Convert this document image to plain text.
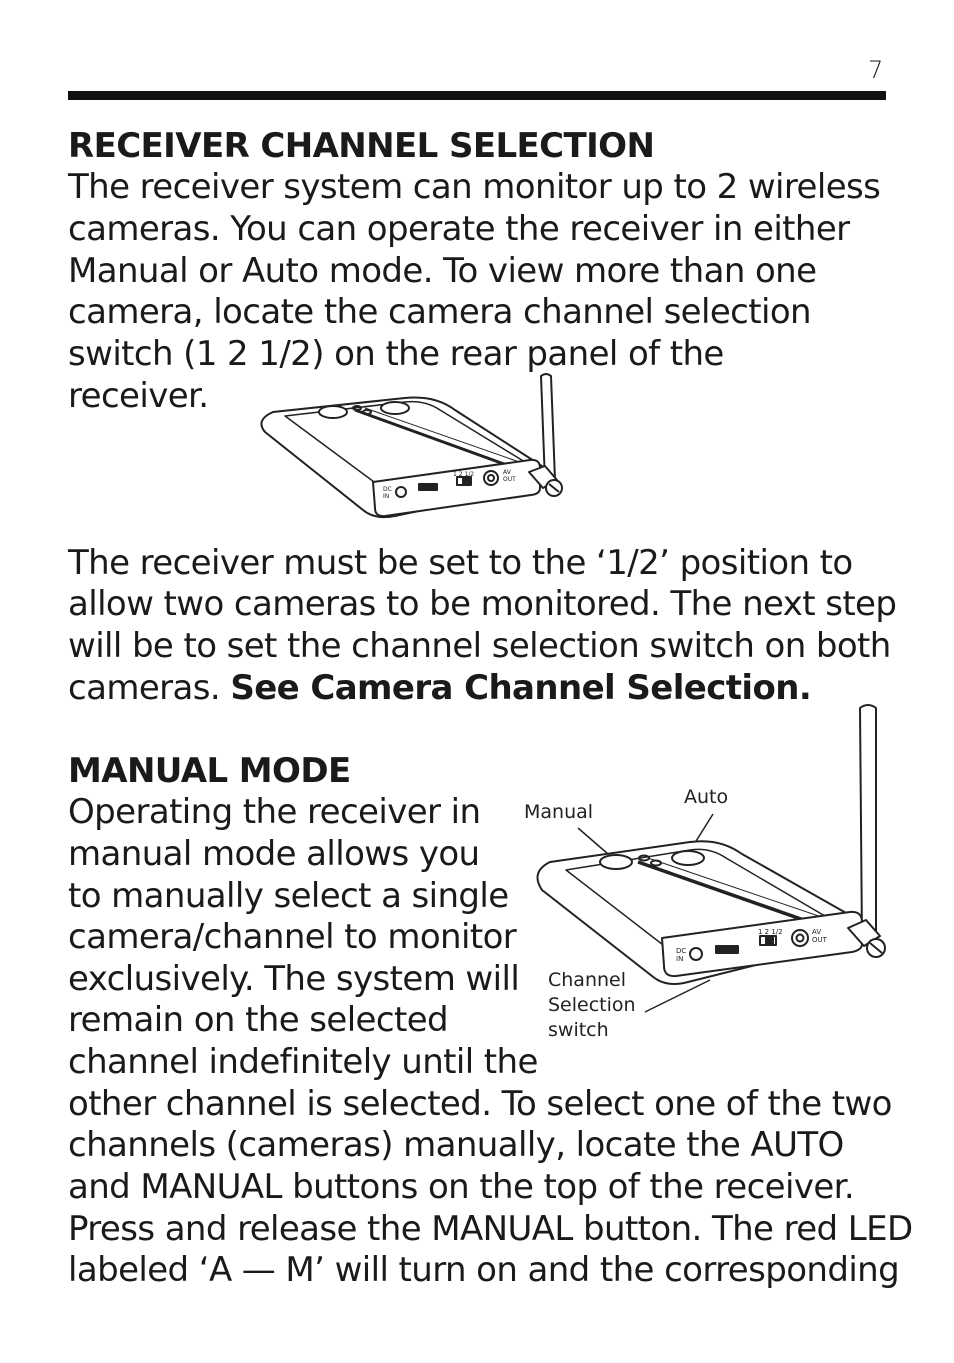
7
RECEIVER CHANNEL SELECTION
The receiver system can monitor up to 2 wireless
cameras. You can operate the receiver in either
Manual or Auto mode. To view more than one
camera, locate the camera channel selection
switch (1 2 1/2) on the rear panel of the
receiver.
DC
IN
1 2 1/2	AV
OUT
The receiver must be set to the ‘1/2’ position to
allow two cameras to be monitored. The next step
will be to set the channel selection switch on both
cameras. See Camera Channel Selection.
MANUAL MODE
Operating the receiver in
manual mode allows you
to manually select a single
camera/channel to monitor
exclusively. The system will
remain on the selected
channel indefinitely until the
other channel is selected. To select one of the two
channels (cameras) manually, locate the AUTO
and MANUAL buttons on the top of the receiver.
Press and release the MANUAL button. The red LED
labeled ‘A — M’ will turn on and the corresponding
Manual
Auto
Channel
Selection
switch
DC
IN
1 2 1/2	AV
OUT
